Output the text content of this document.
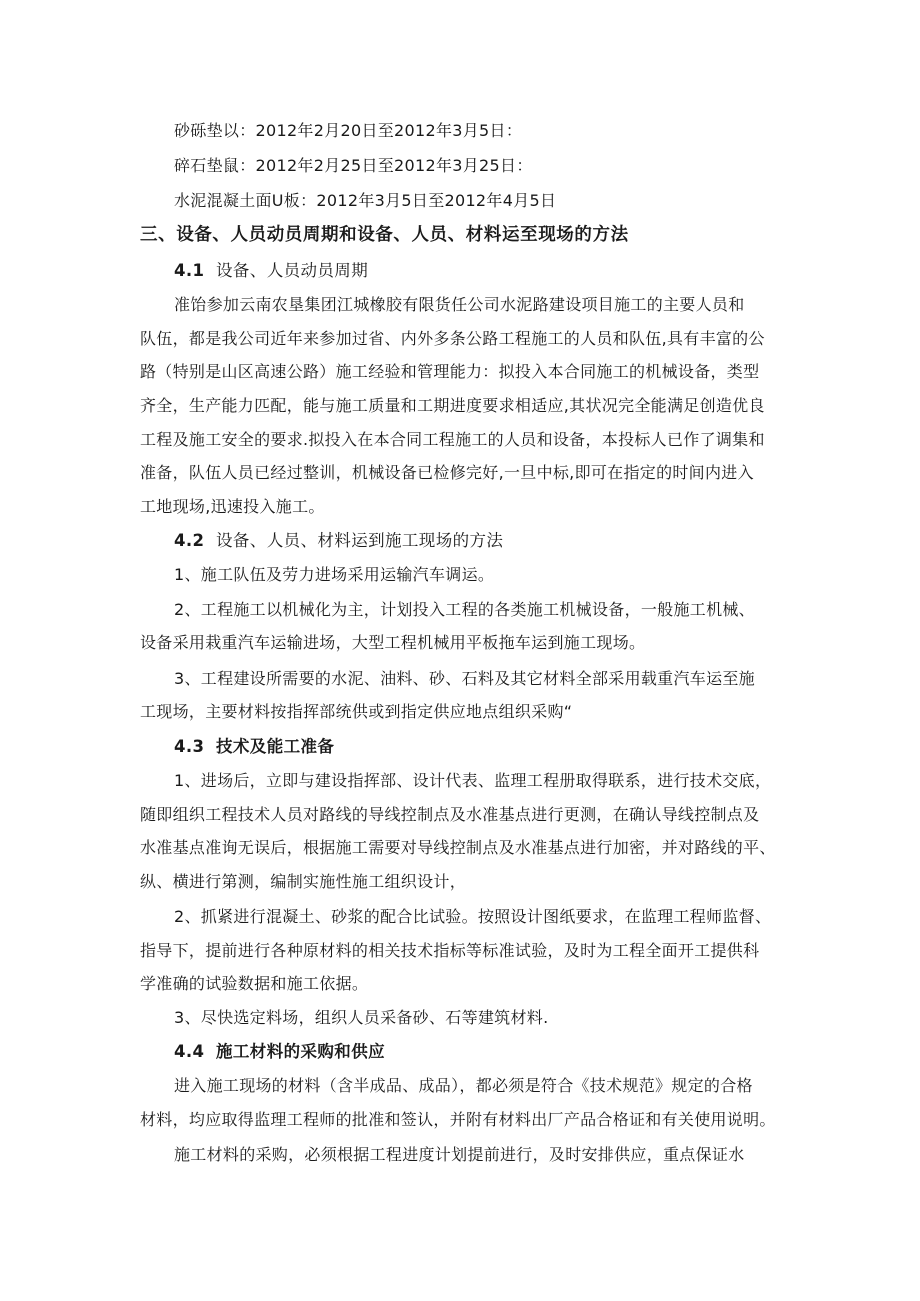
砂砾垫以：2012年2月20日至2012年3月5日：
碎石垫鼠：2012年2月25日至2012年3月25日：
水泥混凝土面U板：2012年3月5日至2012年4月5日
三、设备、人员动员周期和设备、人员、材料运至现场的方法
4.1 设备、人员动员周期
准饴参加云南农垦集团江城橡胶有限货任公司水泥路建设项目施工的主要人员和
队伍，都是我公司近年来参加过省、内外多条公路工程施工的人员和队伍,具有丰富的公
路（特别是山区高速公路）施工经验和管理能力：拟投入本合同施工的机械设备，类型
齐全，生产能力匹配，能与施工质量和工期进度要求相适应,其状况完全能满足创造优良
工程及施工安全的要求.拟投入在本合同工程施工的人员和设备，本投标人已作了调集和
准备，队伍人员已经过整训，机械设备已检修完好,一旦中标,即可在指定的时间内进入
工地现场,迅速投入施工。
4.2 设备、人员、材料运到施工现场的方法
1、施工队伍及劳力进场采用运输汽车调运。
2、工程施工以机械化为主，计划投入工程的各类施工机械设备，一般施工机械、
设备采用栽重汽车运输进场，大型工程机械用平板拖车运到施工现场。
3、工程建设所需要的水泥、油料、砂、石料及其它材料全部采用载重汽车运至施
工现场，主要材料按指挥部统供或到指定供应地点组织采购“
4.3 技术及能工准备
1、进场后，立即与建设指挥部、设计代表、监理工程册取得联系，进行技术交底，
随即组织工程技术人员对路线的导线控制点及水准基点进行更测，在确认导线控制点及
水准基点准询无误后，根据施工需要对导线控制点及水准基点进行加密，并对路线的平、
纵、横进行第测，编制实施性施工组织设计，
2、抓紧进行混凝土、砂浆的配合比试验。按照设计图纸要求，在监理工程师监督、
指导下，提前进行各种原材料的相关技术指标等标准试验，及时为工程全面开工提供科
学准确的试验数据和施工依据。
3、尽快选定料场，组织人员采备砂、石等建筑材料.
4.4 施工材料的采购和供应
进入施工现场的材料（含半成品、成品），都必须是符合《技术规范》规定的合格
材料，均应取得监理工程师的批准和签认，并附有材料出厂产品合格证和有关使用说明。
施工材料的采购，必须根据工程进度计划提前进行，及时安排供应，重点保证水
